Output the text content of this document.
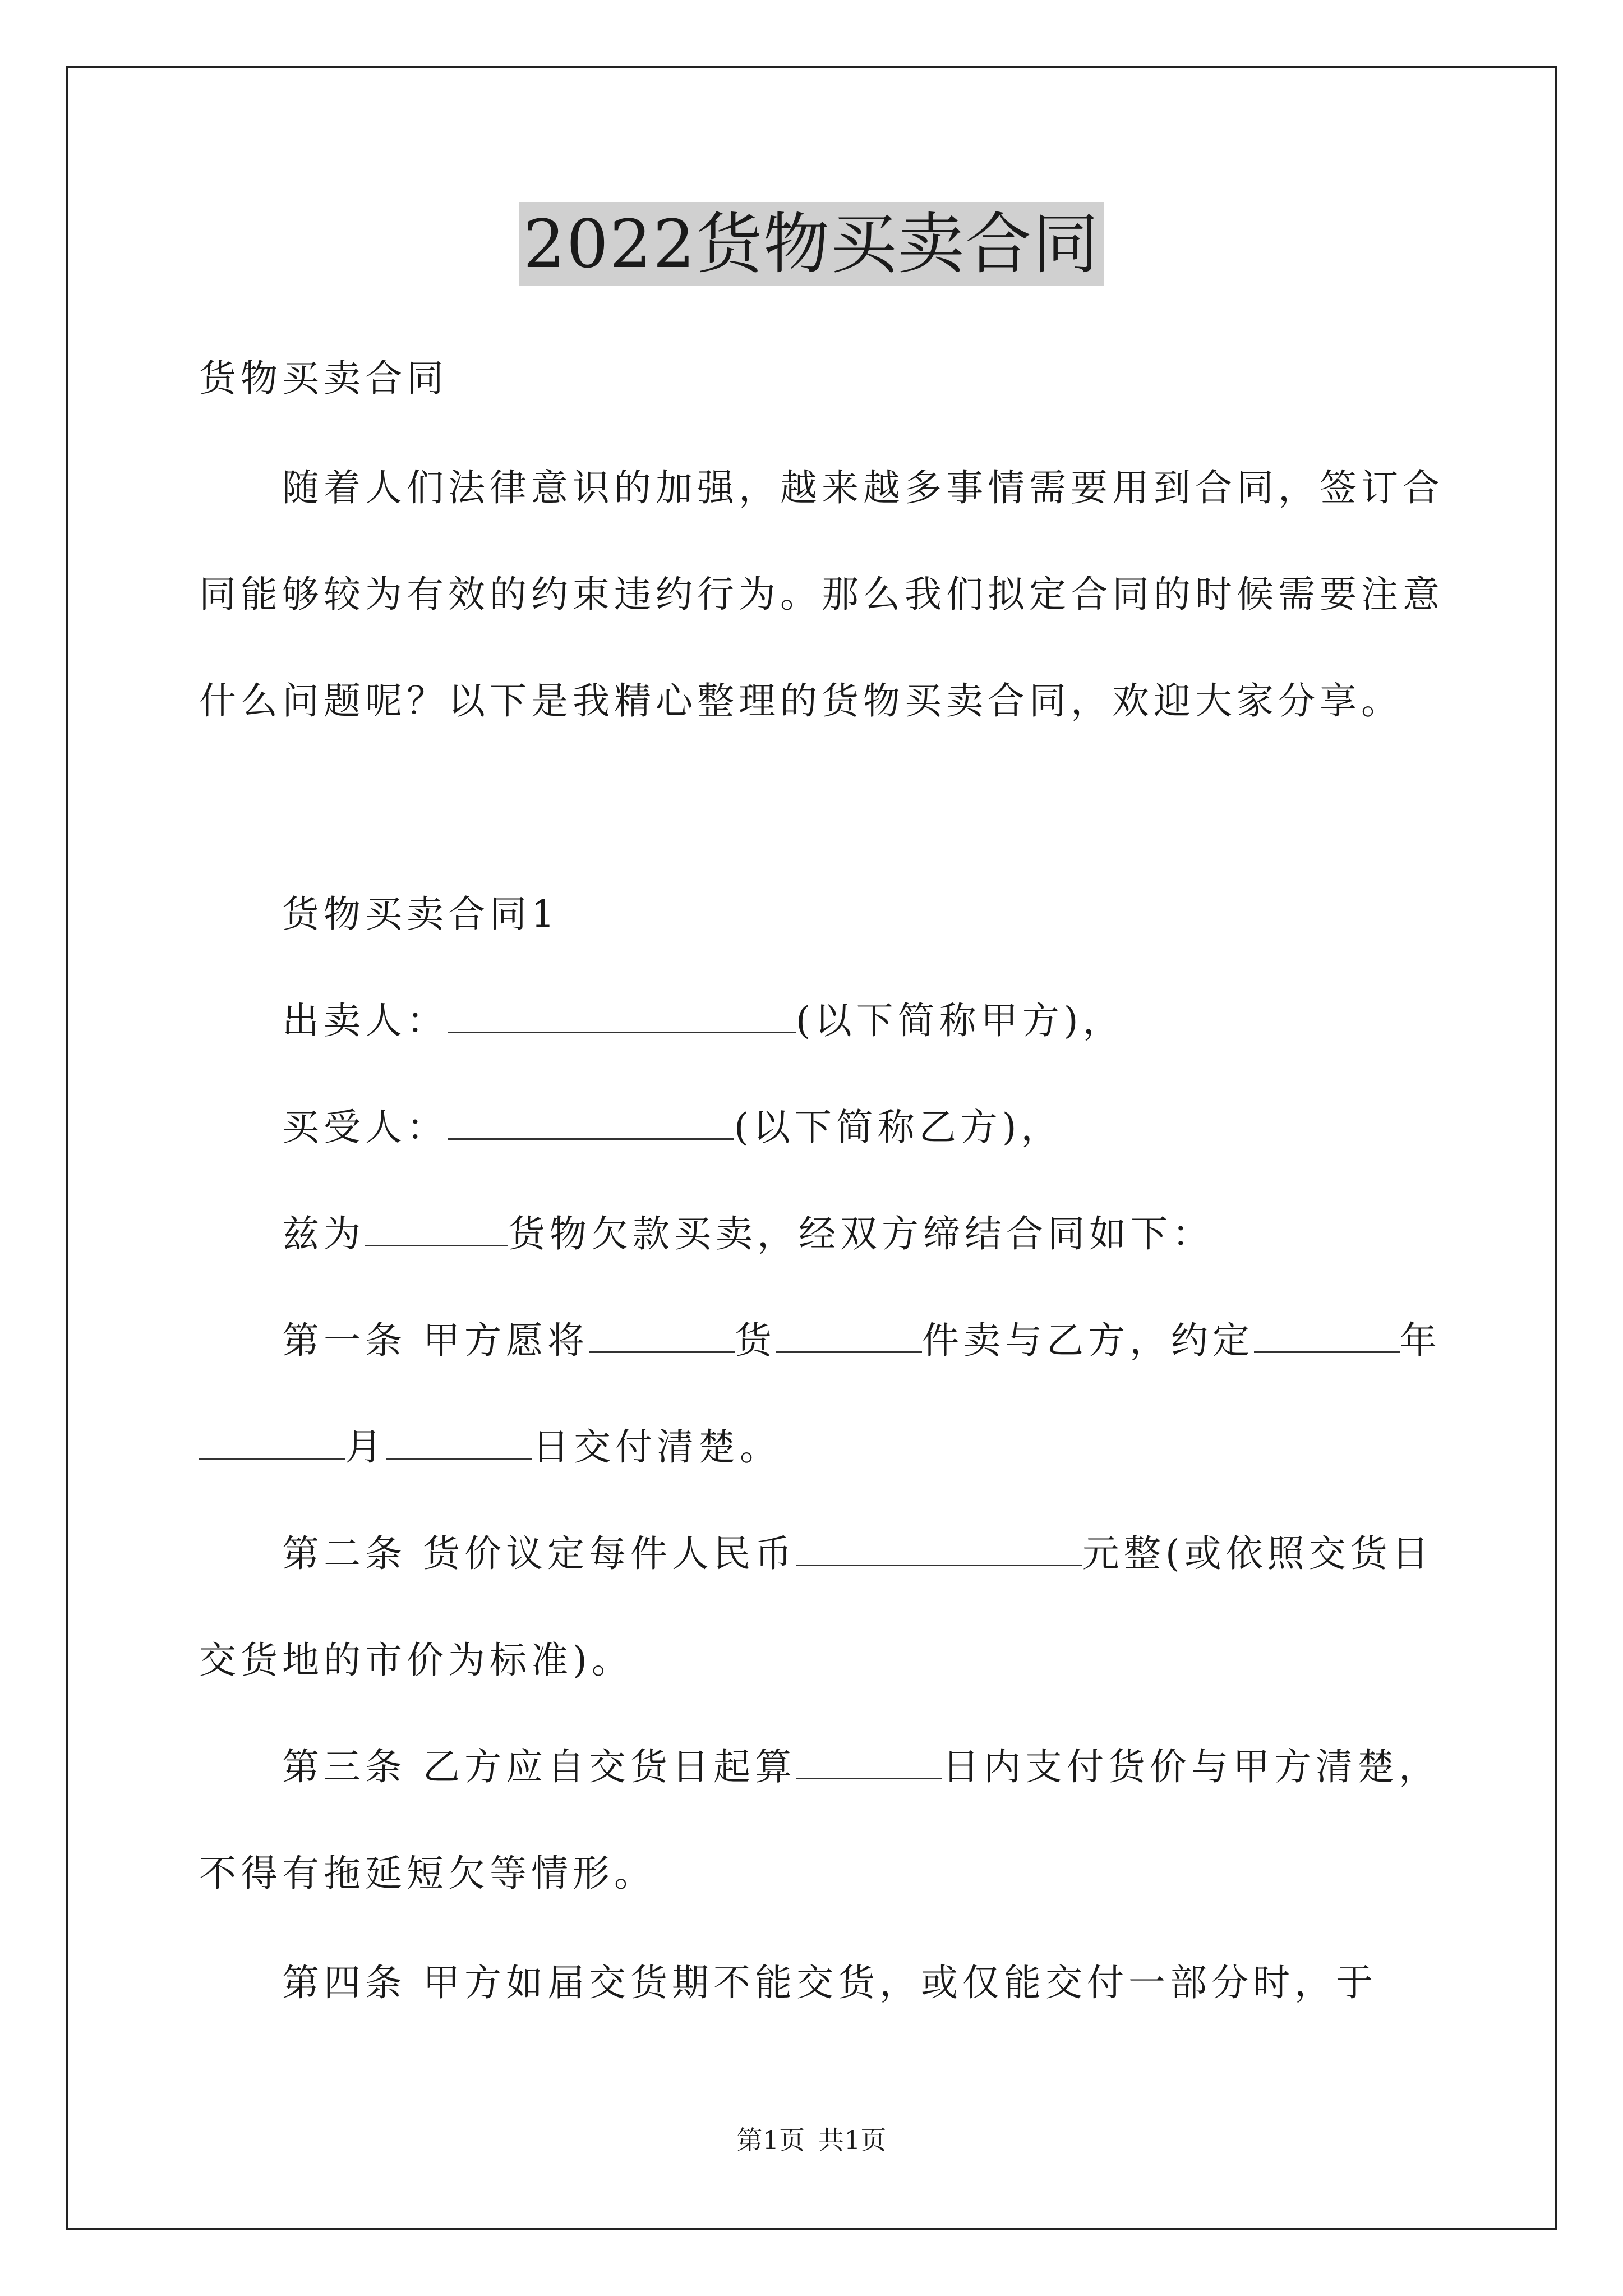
2022货物买卖合同
货物买卖合同
随着人们法律意识的加强，越来越多事情需要用到合同，签订合
同能够较为有效的约束违约行为。那么我们拟定合同的时候需要注意
什么问题呢？以下是我精心整理的货物买卖合同，欢迎大家分享。
货物买卖合同1
出卖人：	(以下简称甲方)，
买受人：	(以下简称乙方)，
兹为	货物欠款买卖，经双方缔结合同如下：
第一条 甲方愿将	货	件卖与乙方，约定	年
月	日交付清楚。
第二条 货价议定每件人民币	元整(或依照交货日
交货地的市价为标准)。
第三条 乙方应自交货日起算	日内支付货价与甲方清楚，
不得有拖延短欠等情形。
第四条 甲方如届交货期不能交货，或仅能交付一部分时，于
第1页 共1页
